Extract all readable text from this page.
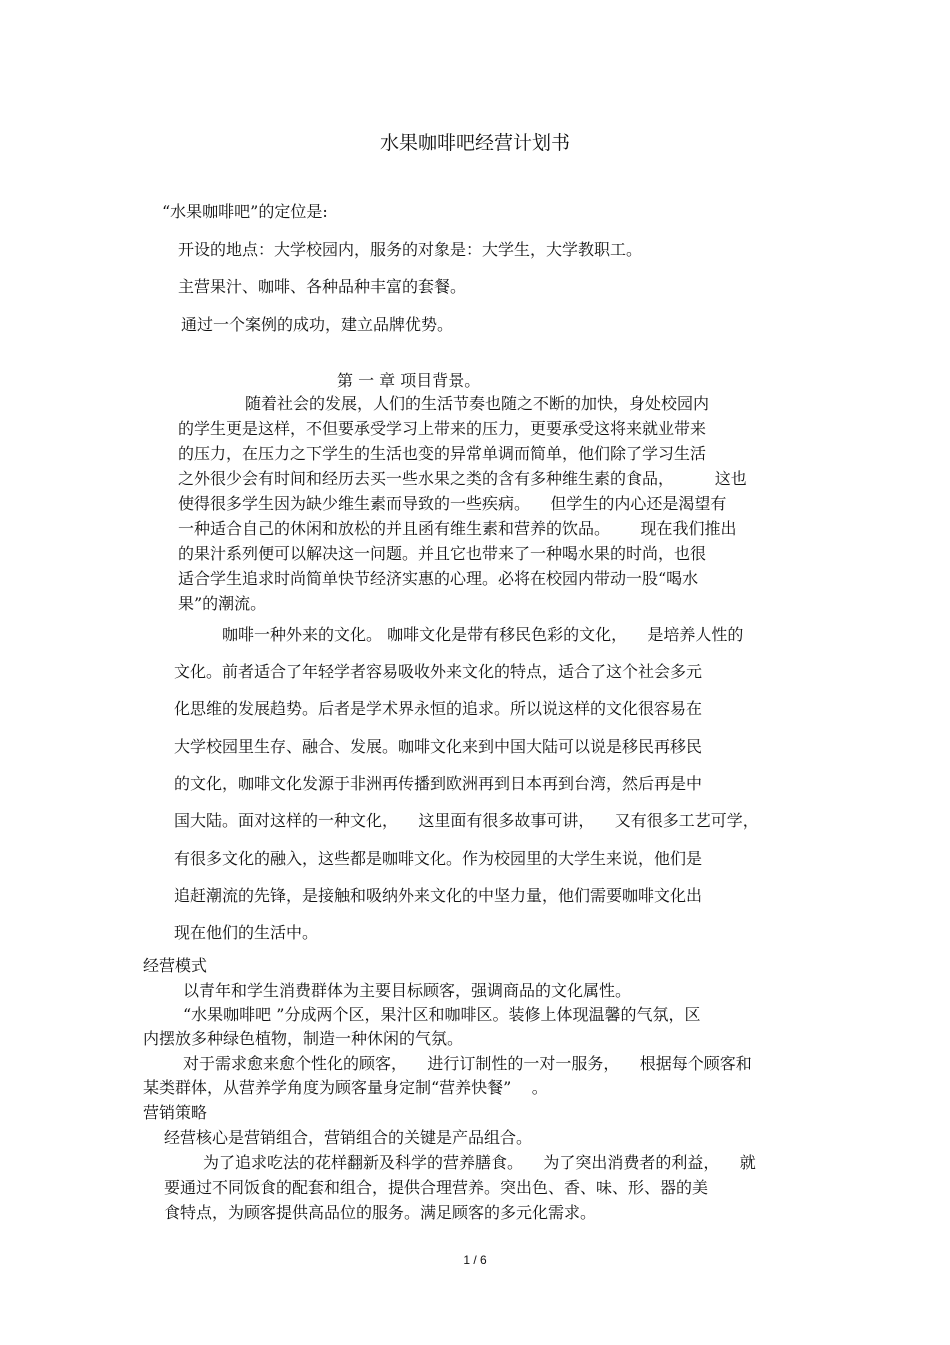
水果咖啡吧经营计划书
“水果咖啡吧”的定位是:
开设的地点：大学校园内，服务的对象是：大学生，大学教职工。
主营果汁、咖啡、各种品种丰富的套餐。
通过一个案例的成功，建立品牌优势。
第 一 章 项目背景。
随着社会的发展，人们的生活节奏也随之不断的加快，身处校园内
的学生更是这样，不但要承受学习上带来的压力，更要承受这将来就业带来
的压力，在压力之下学生的生活也变的异常单调而简单，他们除了学习生活
之外很少会有时间和经历去买一些水果之类的含有多种维生素的食品，        这也
使得很多学生因为缺少维生素而导致的一些疾病。    但学生的内心还是渴望有
一种适合自己的休闲和放松的并且函有维生素和营养的饮品。      现在我们推出
的果汁系列便可以解决这一问题。并且它也带来了一种喝水果的时尚，也很
适合学生追求时尚简单快节经济实惠的心理。必将在校园内带动一股“喝水
果”的潮流。
咖啡一种外来的文化。 咖啡文化是带有移民色彩的文化，    是培养人性的
文化。前者适合了年轻学者容易吸收外来文化的特点，适合了这个社会多元
化思维的发展趋势。后者是学术界永恒的追求。所以说这样的文化很容易在
大学校园里生存、融合、发展。咖啡文化来到中国大陆可以说是移民再移民
的文化，咖啡文化发源于非洲再传播到欧洲再到日本再到台湾，然后再是中
国大陆。面对这样的一种文化，    这里面有很多故事可讲，    又有很多工艺可学，
有很多文化的融入，这些都是咖啡文化。作为校园里的大学生来说，他们是
追赶潮流的先锋，是接触和吸纳外来文化的中坚力量，他们需要咖啡文化出
现在他们的生活中。
经营模式
以青年和学生消费群体为主要目标顾客，强调商品的文化属性。
“水果咖啡吧 ”分成两个区，果汁区和咖啡区。装修上体现温馨的气氛，区
内摆放多种绿色植物，制造一种休闲的气氛。
对于需求愈来愈个性化的顾客，    进行订制性的一对一服务，    根据每个顾客和
某类群体，从营养学角度为顾客量身定制“营养快餐”    。
营销策略
经营核心是营销组合，营销组合的关键是产品组合。
为了追求吃法的花样翻新及科学的营养膳食。    为了突出消费者的利益，    就
要通过不同饭食的配套和组合，提供合理营养。突出色、香、味、形、器的美
食特点，为顾客提供高品位的服务。满足顾客的多元化需求。
1 / 6
